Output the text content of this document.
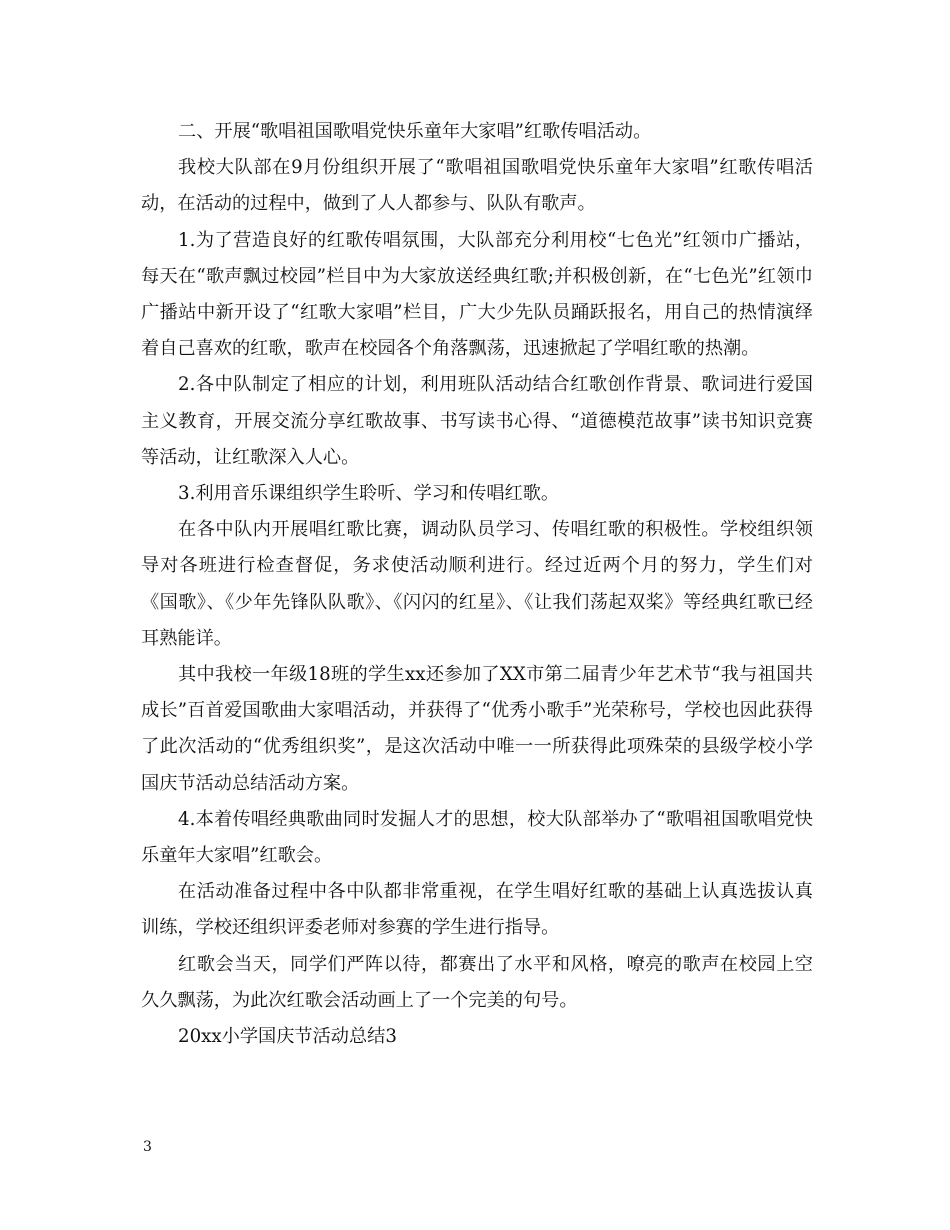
二、开展“歌唱祖国歌唱党快乐童年大家唱”红歌传唱活动。

我校大队部在9月份组织开展了“歌唱祖国歌唱党快乐童年大家唱”红歌传唱活动，在活动的过程中，做到了人人都参与、队队有歌声。

1.为了营造良好的红歌传唱氛围，大队部充分利用校“七色光”红领巾广播站，每天在“歌声飘过校园”栏目中为大家放送经典红歌;并积极创新，在“七色光”红领巾广播站中新开设了“红歌大家唱”栏目，广大少先队员踊跃报名，用自己的热情演绎着自己喜欢的红歌，歌声在校园各个角落飘荡，迅速掀起了学唱红歌的热潮。

2.各中队制定了相应的计划，利用班队活动结合红歌创作背景、歌词进行爱国主义教育，开展交流分享红歌故事、书写读书心得、“道德模范故事”读书知识竞赛等活动，让红歌深入人心。

3.利用音乐课组织学生聆听、学习和传唱红歌。

在各中队内开展唱红歌比赛，调动队员学习、传唱红歌的积极性。学校组织领导对各班进行检查督促，务求使活动顺利进行。经过近两个月的努力，学生们对《国歌》、《少年先锋队队歌》、《闪闪的红星》、《让我们荡起双桨》等经典红歌已经耳熟能详。

其中我校一年级18班的学生xx还参加了XX市第二届青少年艺术节“我与祖国共成长”百首爱国歌曲大家唱活动，并获得了“优秀小歌手”光荣称号，学校也因此获得了此次活动的“优秀组织奖”，是这次活动中唯一一所获得此项殊荣的县级学校小学国庆节活动总结活动方案。

4.本着传唱经典歌曲同时发掘人才的思想，校大队部举办了“歌唱祖国歌唱党快乐童年大家唱”红歌会。

在活动准备过程中各中队都非常重视，在学生唱好红歌的基础上认真选拔认真训练，学校还组织评委老师对参赛的学生进行指导。

红歌会当天，同学们严阵以待，都赛出了水平和风格，嘹亮的歌声在校园上空久久飘荡，为此次红歌会活动画上了一个完美的句号。

20xx小学国庆节活动总结3

3
